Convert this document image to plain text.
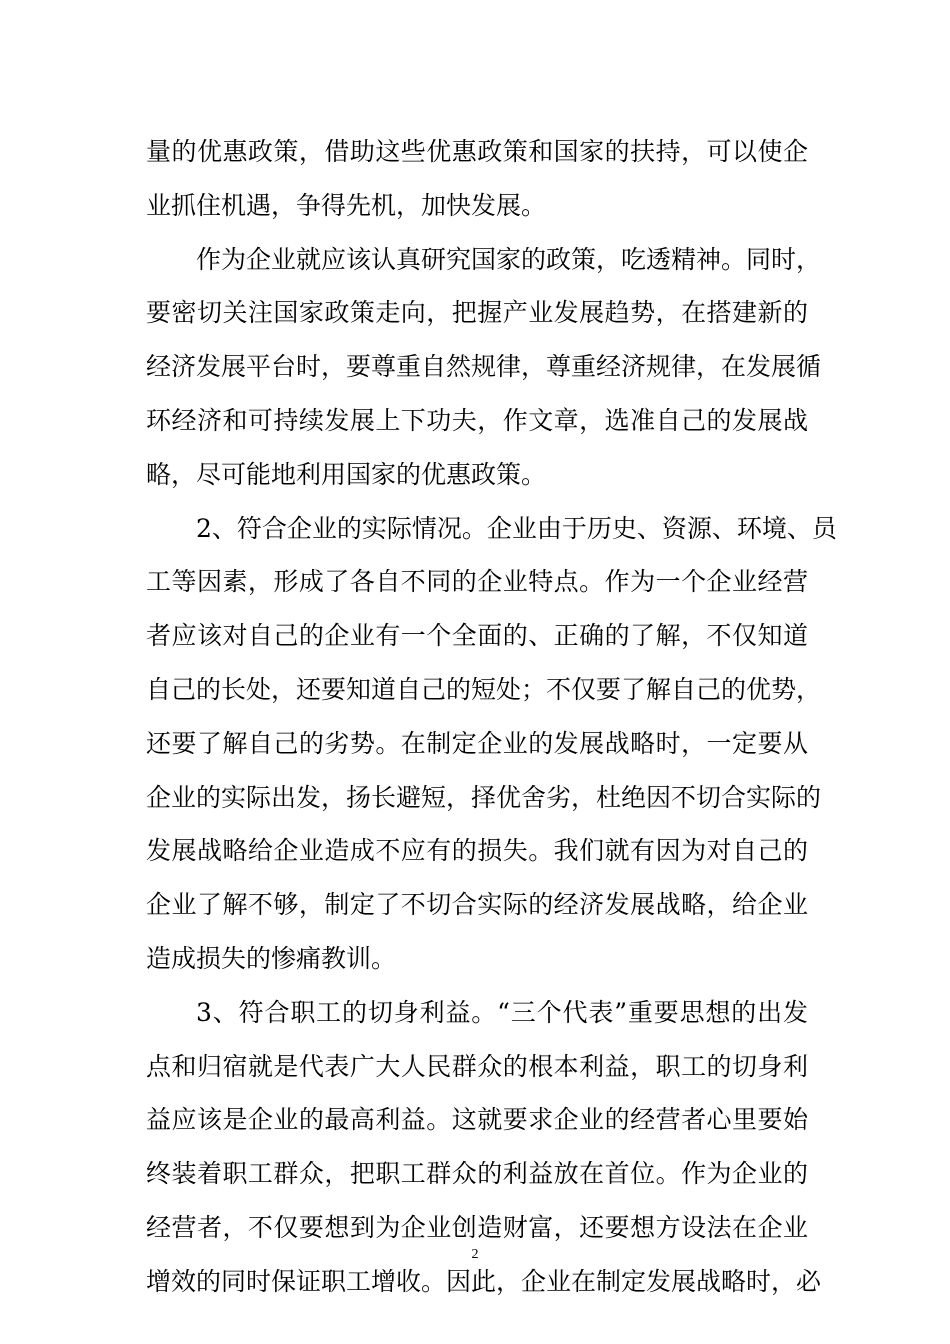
量的优惠政策，借助这些优惠政策和国家的扶持，可以使企
业抓住机遇，争得先机，加快发展。
作为企业就应该认真研究国家的政策，吃透精神。同时，
要密切关注国家政策走向，把握产业发展趋势，在搭建新的
经济发展平台时，要尊重自然规律，尊重经济规律，在发展循
环经济和可持续发展上下功夫，作文章，选准自己的发展战
略，尽可能地利用国家的优惠政策。
2、符合企业的实际情况。企业由于历史、资源、环境、员
工等因素，形成了各自不同的企业特点。作为一个企业经营
者应该对自己的企业有一个全面的、正确的了解，不仅知道
自己的长处，还要知道自己的短处；不仅要了解自己的优势，
还要了解自己的劣势。在制定企业的发展战略时，一定要从
企业的实际出发，扬长避短，择优舍劣，杜绝因不切合实际的
发展战略给企业造成不应有的损失。我们就有因为对自己的
企业了解不够，制定了不切合实际的经济发展战略，给企业
造成损失的惨痛教训。
3、符合职工的切身利益。“三个代表”重要思想的出发
点和归宿就是代表广大人民群众的根本利益，职工的切身利
益应该是企业的最高利益。这就要求企业的经营者心里要始
终装着职工群众，把职工群众的利益放在首位。作为企业的
经营者，不仅要想到为企业创造财富，还要想方设法在企业
增效的同时保证职工增收。因此，企业在制定发展战略时，必
2
